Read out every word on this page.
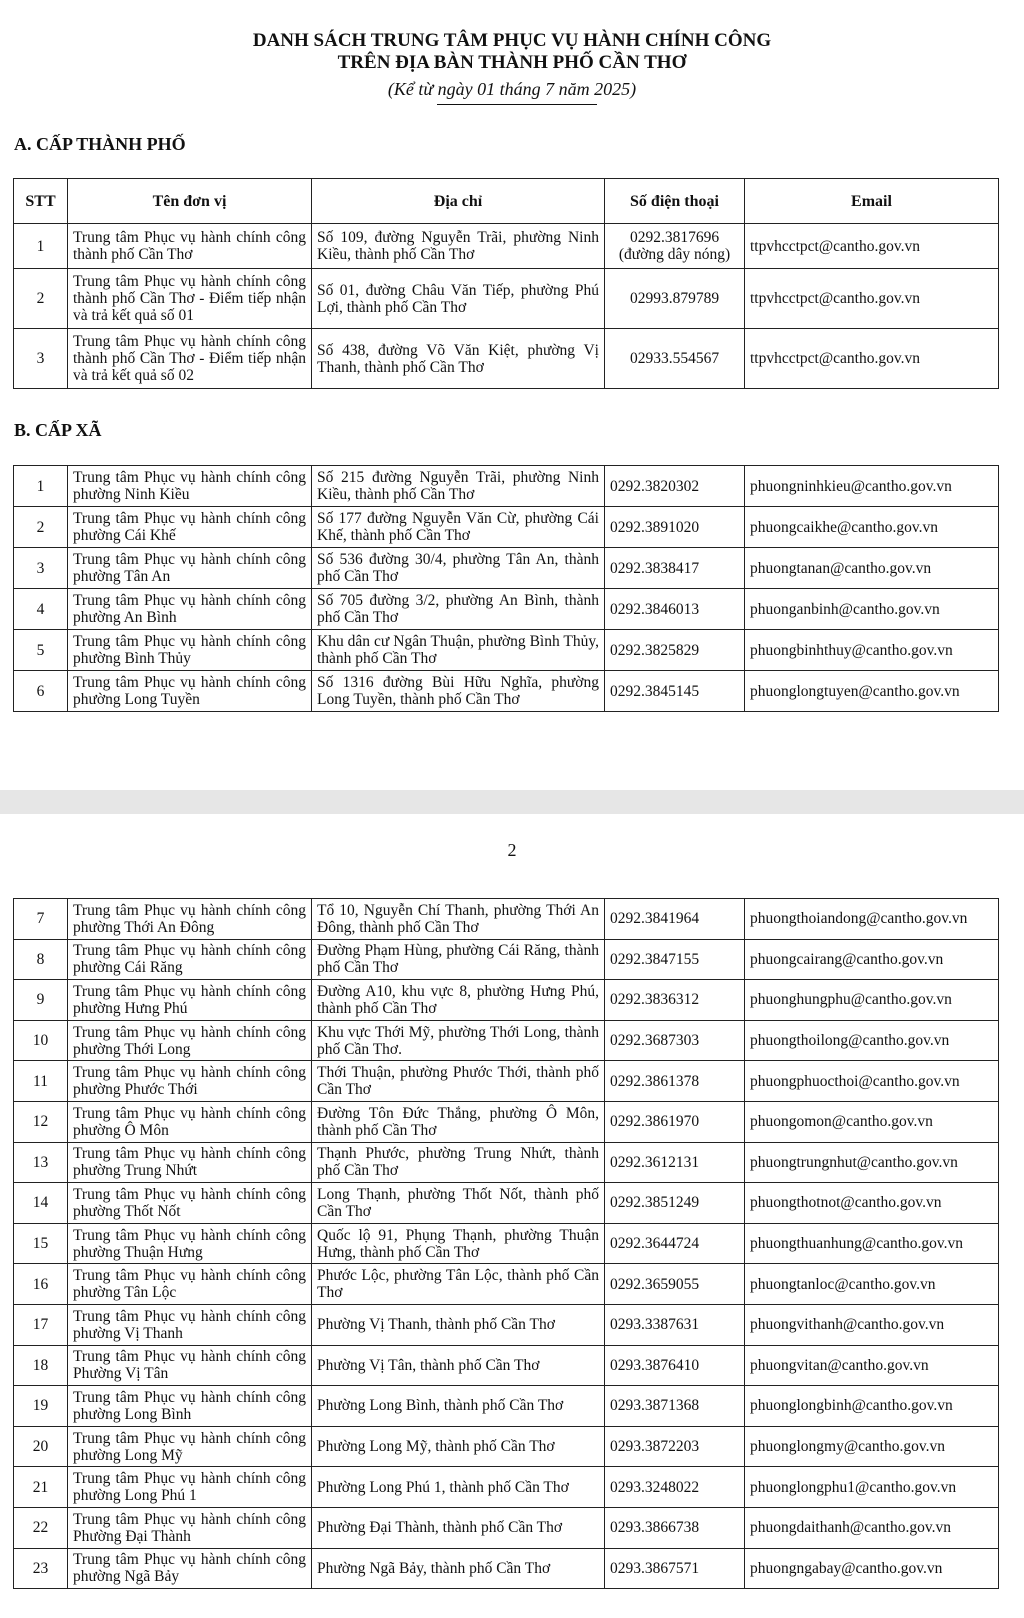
DANH SÁCH TRUNG TÂM PHỤC VỤ HÀNH CHÍNH CÔNG
TRÊN ĐỊA BÀN THÀNH PHỐ CẦN THƠ
(Kể từ ngày 01 tháng 7 năm 2025)
A. CẤP THÀNH PHỐ
STT	Tên đơn vị	Địa chỉ	Số điện thoại	Email
1	Trung tâm Phục vụ hành chính công thành phố Cần Thơ	Số 109, đường Nguyễn Trãi, phường Ninh Kiều, thành phố Cần Thơ	0292.3817696 (đường dây nóng)	ttpvhcctpct@cantho.gov.vn
2	Trung tâm Phục vụ hành chính công thành phố Cần Thơ - Điểm tiếp nhận và trả kết quả số 01	Số 01, đường Châu Văn Tiếp, phường Phú Lợi, thành phố Cần Thơ	02993.879789	ttpvhcctpct@cantho.gov.vn
3	Trung tâm Phục vụ hành chính công thành phố Cần Thơ - Điểm tiếp nhận và trả kết quả số 02	Số 438, đường Võ Văn Kiệt, phường Vị Thanh, thành phố Cần Thơ	02933.554567	ttpvhcctpct@cantho.gov.vn
B. CẤP XÃ
1	Trung tâm Phục vụ hành chính công phường Ninh Kiều	Số 215 đường Nguyễn Trãi, phường Ninh Kiều, thành phố Cần Thơ	0292.3820302	phuongninhkieu@cantho.gov.vn
2	Trung tâm Phục vụ hành chính công phường Cái Khế	Số 177 đường Nguyễn Văn Cừ, phường Cái Khế, thành phố Cần Thơ	0292.3891020	phuongcaikhe@cantho.gov.vn
3	Trung tâm Phục vụ hành chính công phường Tân An	Số 536 đường 30/4, phường Tân An, thành phố Cần Thơ	0292.3838417	phuongtanan@cantho.gov.vn
4	Trung tâm Phục vụ hành chính công phường An Bình	Số 705 đường 3/2, phường An Bình, thành phố Cần Thơ	0292.3846013	phuonganbinh@cantho.gov.vn
5	Trung tâm Phục vụ hành chính công phường Bình Thủy	Khu dân cư Ngân Thuận, phường Bình Thủy, thành phố Cần Thơ	0292.3825829	phuongbinhthuy@cantho.gov.vn
6	Trung tâm Phục vụ hành chính công phường Long Tuyền	Số 1316 đường Bùi Hữu Nghĩa, phường Long Tuyền, thành phố Cần Thơ	0292.3845145	phuonglongtuyen@cantho.gov.vn
2
7	Trung tâm Phục vụ hành chính công phường Thới An Đông	Tổ 10, Nguyễn Chí Thanh, phường Thới An Đông, thành phố Cần Thơ	0292.3841964	phuongthoiandong@cantho.gov.vn
8	Trung tâm Phục vụ hành chính công phường Cái Răng	Đường Phạm Hùng, phường Cái Răng, thành phố Cần Thơ	0292.3847155	phuongcairang@cantho.gov.vn
9	Trung tâm Phục vụ hành chính công phường Hưng Phú	Đường A10, khu vực 8, phường Hưng Phú, thành phố Cần Thơ	0292.3836312	phuonghungphu@cantho.gov.vn
10	Trung tâm Phục vụ hành chính công phường Thới Long	Khu vực Thới Mỹ, phường Thới Long, thành phố Cần Thơ.	0292.3687303	phuongthoilong@cantho.gov.vn
11	Trung tâm Phục vụ hành chính công phường Phước Thới	Thới Thuận, phường Phước Thới, thành phố Cần Thơ	0292.3861378	phuongphuocthoi@cantho.gov.vn
12	Trung tâm Phục vụ hành chính công phường Ô Môn	Đường Tôn Đức Thắng, phường Ô Môn, thành phố Cần Thơ	0292.3861970	phuongomon@cantho.gov.vn
13	Trung tâm Phục vụ hành chính công phường Trung Nhứt	Thạnh Phước, phường Trung Nhứt, thành phố Cần Thơ	0292.3612131	phuongtrungnhut@cantho.gov.vn
14	Trung tâm Phục vụ hành chính công phường Thốt Nốt	Long Thạnh, phường Thốt Nốt, thành phố Cần Thơ	0292.3851249	phuongthotnot@cantho.gov.vn
15	Trung tâm Phục vụ hành chính công phường Thuận Hưng	Quốc lộ 91, Phụng Thạnh, phường Thuận Hưng, thành phố Cần Thơ	0292.3644724	phuongthuanhung@cantho.gov.vn
16	Trung tâm Phục vụ hành chính công phường Tân Lộc	Phước Lộc, phường Tân Lộc, thành phố Cần Thơ	0292.3659055	phuongtanloc@cantho.gov.vn
17	Trung tâm Phục vụ hành chính công phường Vị Thanh	Phường Vị Thanh, thành phố Cần Thơ	0293.3387631	phuongvithanh@cantho.gov.vn
18	Trung tâm Phục vụ hành chính công Phường Vị Tân	Phường Vị Tân, thành phố Cần Thơ	0293.3876410	phuongvitan@cantho.gov.vn
19	Trung tâm Phục vụ hành chính công phường Long Bình	Phường Long Bình, thành phố Cần Thơ	0293.3871368	phuonglongbinh@cantho.gov.vn
20	Trung tâm Phục vụ hành chính công phường Long Mỹ	Phường Long Mỹ, thành phố Cần Thơ	0293.3872203	phuonglongmy@cantho.gov.vn
21	Trung tâm Phục vụ hành chính công phường Long Phú 1	Phường Long Phú 1, thành phố Cần Thơ	0293.3248022	phuonglongphu1@cantho.gov.vn
22	Trung tâm Phục vụ hành chính công Phường Đại Thành	Phường Đại Thành, thành phố Cần Thơ	0293.3866738	phuongdaithanh@cantho.gov.vn
23	Trung tâm Phục vụ hành chính công phường Ngã Bảy	Phường Ngã Bảy, thành phố Cần Thơ	0293.3867571	phuongngabay@cantho.gov.vn
